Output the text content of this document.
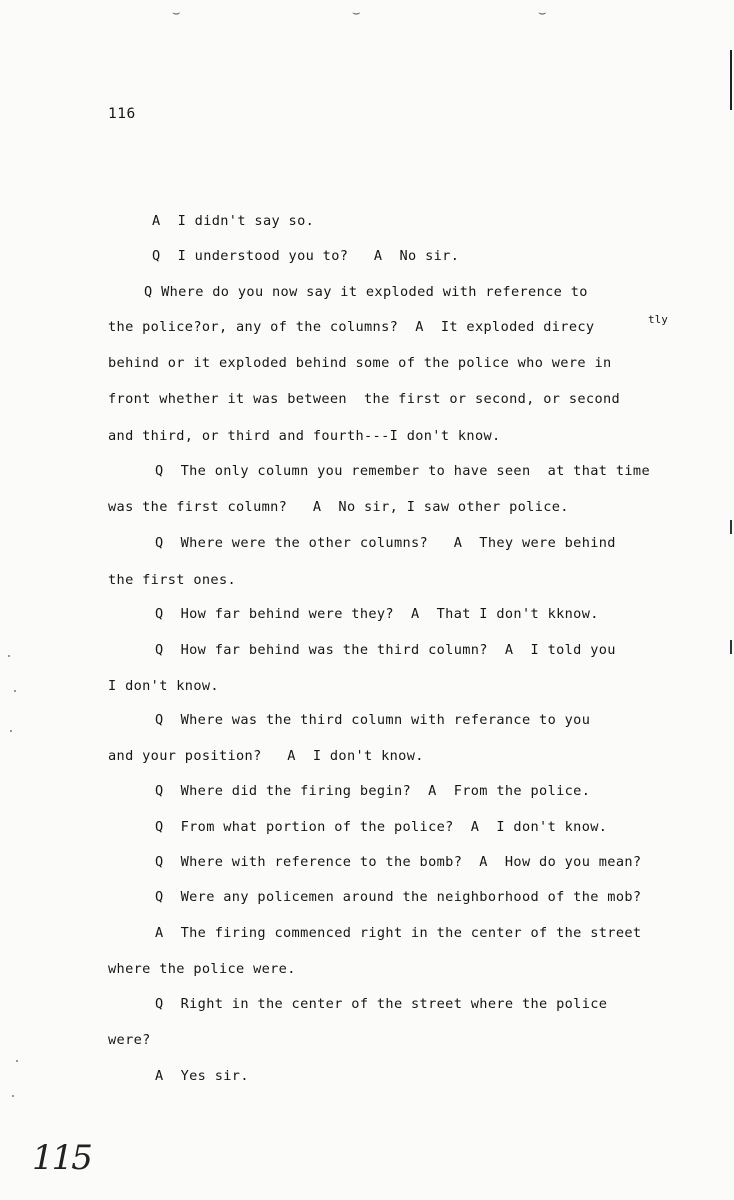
⌣	⌣	⌣
116
A  I didn't say so.
Q  I understood you to?   A  No sir.
Q Where do you now say it exploded with reference to
the police?or, any of the columns?  A  It exploded direcy	tly
behind or it exploded behind some of the police who were in
front whether it was between  the first or second, or second
and third, or third and fourth---I don't know.
Q  The only column you remember to have seen  at that time
was the first column?   A  No sir, I saw other police.
Q  Where were the other columns?   A  They were behind
the first ones.
Q  How far behind were they?  A  That I don't kknow.
Q  How far behind was the third column?  A  I told you
I don't know.
Q  Where was the third column with referance to you
and your position?   A  I don't know.
Q  Where did the firing begin?  A  From the police.
Q  From what portion of the police?  A  I don't know.
Q  Where with reference to the bomb?  A  How do you mean?
Q  Were any policemen around the neighborhood of the mob?
A  The firing commenced right in the center of the street
where the police were.
Q  Right in the center of the street where the police
were?
A  Yes sir.
115
